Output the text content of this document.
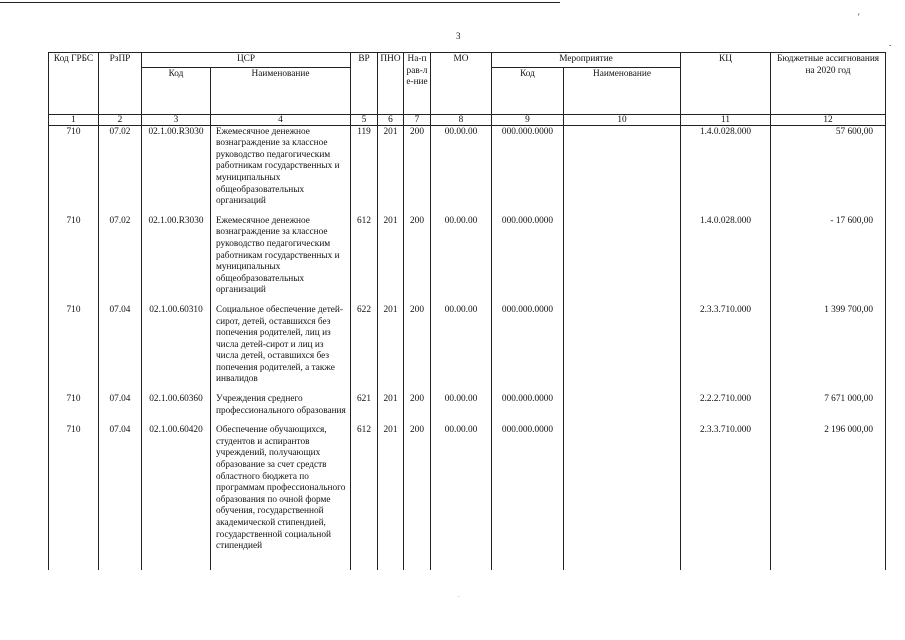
3
'
.
.
Код ГРБС	РзПР	ЦСР		ВР	ПНО	На-прав-ле-ние	МО	Мероприятие		КЦ	Бюджетные ассигнования на 2020 год
		Код	Наименование					Код	Наименование		
1	2	3	4	5	6	7	8	9	10	11	12
710	07.02	02.1.00.R3030	Ежемесячное денежное вознаграждение за классное руководство педагогическим работникам государственных и муниципальных общеобразовательных организаций	119	201	200	00.00.00	000.000.0000		1.4.0.028.000	57 600,00
710	07.02	02.1.00.R3030	Ежемесячное денежное вознаграждение за классное руководство педагогическим работникам государственных и муниципальных общеобразовательных организаций	612	201	200	00.00.00	000.000.0000		1.4.0.028.000	- 17 600,00
710	07.04	02.1.00.60310	Социальное обеспечение детей-сирот, детей, оставшихся без попечения родителей, лиц из числа детей-сирот и лиц из числа детей, оставшихся без попечения родителей, а также инвалидов	622	201	200	00.00.00	000.000.0000		2.3.3.710.000	1 399 700,00
710	07.04	02.1.00.60360	Учреждения среднего профессионального образования	621	201	200	00.00.00	000.000.0000		2.2.2.710.000	7 671 000,00
710	07.04	02.1.00.60420	Обеспечение обучающихся, студентов и аспирантов учреждений, получающих образование за счет средств областного бюджета по программам профессионального образования по очной форме обучения, государственной академической стипендией, государственной социальной стипендией	612	201	200	00.00.00	000.000.0000		2.3.3.710.000	2 196 000,00
